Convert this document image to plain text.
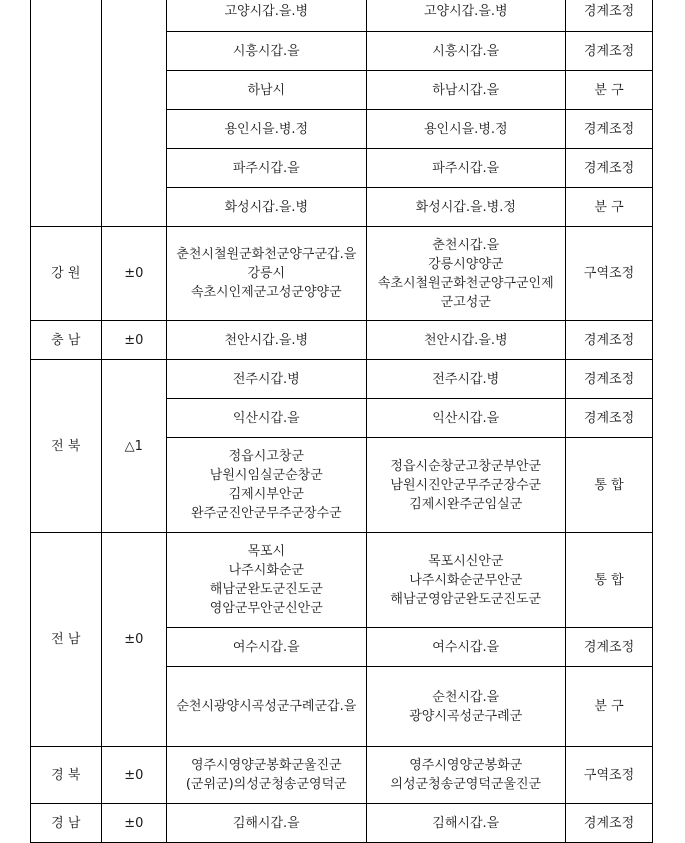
		고양시갑.을.병	고양시갑.을.병	경계조정

		시흥시갑.을	시흥시갑.을	경계조정

		하남시	하남시갑.을	분 구

		용인시을.병.정	용인시을.병.정	경계조정

		파주시갑.을	파주시갑.을	경계조정

		화성시갑.을.병	화성시갑.을.병.정	분 구
강 원	±0	춘천시철원군화천군양구군갑.을
강릉시
속초시인제군고성군양양군	춘천시갑.을
강릉시양양군
속초시철원군화천군양구군인제
군고성군	구역조정
충 남	±0	천안시갑.을.병	천안시갑.을.병	경계조정
전 북	△1	전주시갑.병	전주시갑.병	경계조정

		익산시갑.을	익산시갑.을	경계조정

		정읍시고창군
남원시임실군순창군
김제시부안군
완주군진안군무주군장수군	정읍시순창군고창군부안군
남원시진안군무주군장수군
김제시완주군임실군	통 합
전 남	±0	목포시
나주시화순군
해남군완도군진도군
영암군무안군신안군	목포시신안군
나주시화순군무안군
해남군영암군완도군진도군	통 합

		여수시갑.을	여수시갑.을	경계조정

		순천시광양시곡성군구례군갑.을	순천시갑.을
광양시곡성군구례군	분 구
경 북	±0	영주시영양군봉화군울진군
(군위군)의성군청송군영덕군	영주시영양군봉화군
의성군청송군영덕군울진군	구역조정
경 남	±0	김해시갑.을	김해시갑.을	경계조정
